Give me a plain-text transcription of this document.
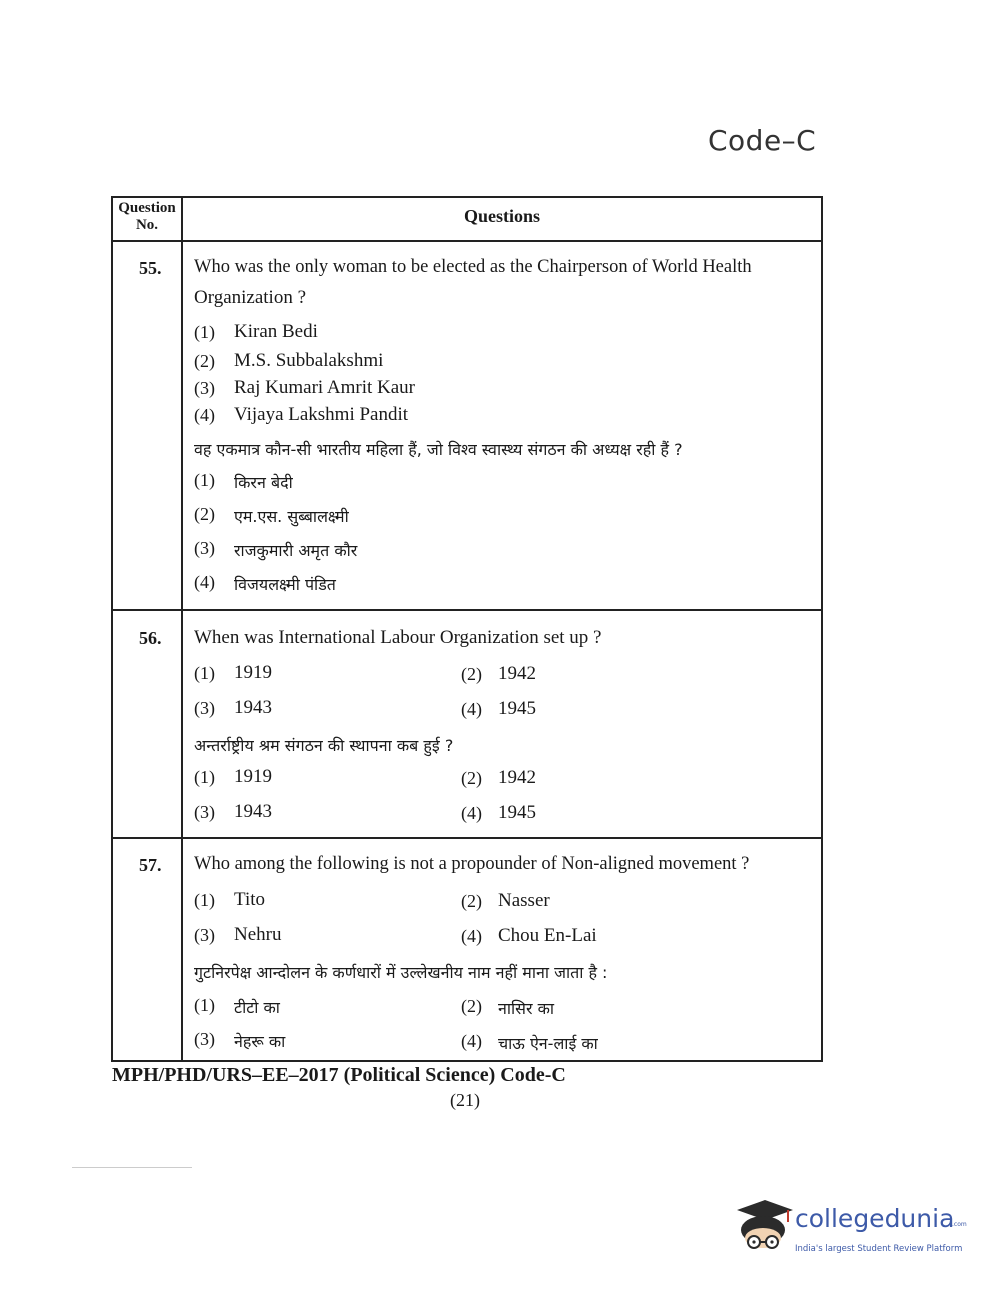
Code–C
Question
No.	Questions
55. Who was the only woman to be elected as the Chairperson of World Health
Organization ?
(1) Kiran Bedi
(2) M.S. Subbalakshmi
(3) Raj Kumari Amrit Kaur
(4) Vijaya Lakshmi Pandit
वह एकमात्र कौन-सी भारतीय महिला हैं, जो विश्व स्वास्थ्य संगठन की अध्यक्ष रही हैं ?
(1) किरन बेदी
(2) एम.एस. सुब्बालक्ष्मी
(3) राजकुमारी अमृत कौर
(4) विजयलक्ष्मी पंडित
56. When was International Labour Organization set up ?
(1) 1919	(2) 1942
(3) 1943	(4) 1945
अन्तर्राष्ट्रीय श्रम संगठन की स्थापना कब हुई ?
(1) 1919	(2) 1942
(3) 1943	(4) 1945
57. Who among the following is not a propounder of Non-aligned movement ?
(1) Tito	(2) Nasser
(3) Nehru	(4) Chou En-Lai
गुटनिरपेक्ष आन्दोलन के कर्णधारों में उल्लेखनीय नाम नहीं माना जाता है :
(1) टीटो का	(2) नासिर का
(3) नेहरू का	(4) चाऊ ऐन-लाई का
MPH/PHD/URS–EE–2017 (Political Science) Code-C
(21)
collegedunia
.com
India's largest Student Review Platform
